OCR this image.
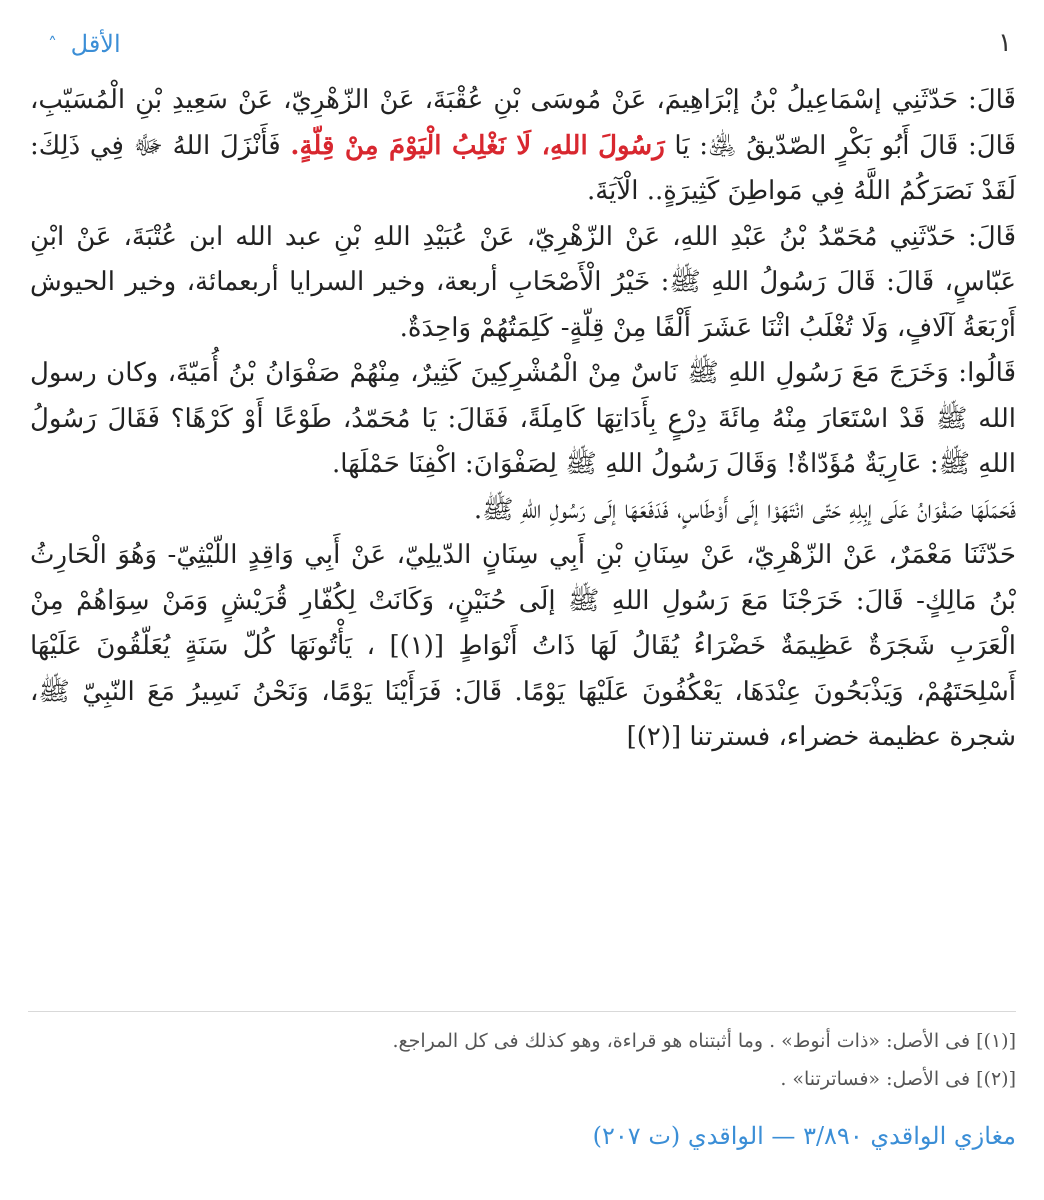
١
الأقل ˄

قَالَ: حَدّثَنِي إسْمَاعِيلُ بْنُ إبْرَاهِيمَ، عَنْ مُوسَى بْنِ عُقْبَةَ، عَنْ الزّهْرِيّ، عَنْ سَعِيدِ بْنِ الْمُسَيّبِ، قَالَ: قَالَ أَبُو بَكْرٍ الصّدّيقُ ﵁: يَا رَسُولَ اللهِ، لَا نَغْلِبُ الْيَوْمَ مِنْ قِلّةٍ. فَأَنْزَلَ اللهُ ﷻ فِي ذَلِكَ: لَقَدْ نَصَرَكُمُ اللَّهُ فِي مَواطِنَ كَثِيرَةٍ.. الْآيَةَ.

قَالَ: حَدّثَنِي مُحَمّدُ بْنُ عَبْدِ اللهِ، عَنْ الزّهْرِيّ، عَنْ عُبَيْدِ اللهِ بْنِ عبد الله ابن عُتْبَةَ، عَنْ ابْنِ عَبّاسٍ، قَالَ: قَالَ رَسُولُ اللهِ ﷺ: خَيْرُ الْأَصْحَابِ أربعة، وخير السرايا أربعمائة، وخير الحيوش أَرْبَعَةُ آلَافٍ، وَلَا تُغْلَبُ اثْنَا عَشَرَ أَلْفًا مِنْ قِلّةٍ- كَلِمَتُهُمْ وَاحِدَةٌ.

قَالُوا: وَخَرَجَ مَعَ رَسُولِ اللهِ ﷺ نَاسٌ مِنْ الْمُشْرِكِينَ كَثِيرٌ، مِنْهُمْ صَفْوَانُ بْنُ أُمَيّةَ، وكان رسول الله ﷺ قَدْ اسْتَعَارَ مِنْهُ مِائَةَ دِرْعٍ بِأَدَاتِهَا كَامِلَةً، فَقَالَ: يَا مُحَمّدُ، طَوْعًا أَوْ كَرْهًا؟ فَقَالَ رَسُولُ اللهِ ﷺ: عَارِيَةٌ مُؤَدّاةٌ! وَقَالَ رَسُولُ اللهِ ﷺ لِصَفْوَانَ: اكْفِنَا حَمْلَهَا.

فَحَمَلَهَا صَفْوَانُ عَلَى إبِلِهِ حَتّى انْتَهَوْا إلَى أَوْطَاسٍ، فَدَفَعَهَا إلَى رَسُولِ اللهِ ﷺ.

حَدّثَنَا مَعْمَرٌ، عَنْ الزّهْرِيّ، عَنْ سِنَانِ بْنِ أَبِي سِنَانٍ الدّيلِيّ، عَنْ أَبِي وَاقِدٍ اللّيْثِيّ- وَهُوَ الْحَارِثُ بْنُ مَالِكٍ- قَالَ: خَرَجْنَا مَعَ رَسُولِ اللهِ ﷺ إلَى حُنَيْنٍ، وَكَانَتْ لِكُفّارِ قُرَيْشٍ وَمَنْ سِوَاهُمْ مِنْ الْعَرَبِ شَجَرَةٌ عَظِيمَةٌ خَضْرَاءُ يُقَالُ لَهَا ذَاتُ أَنْوَاطٍ [(١)] ، يَأْتُونَهَا كُلّ سَنَةٍ يُعَلّقُونَ عَلَيْهَا أَسْلِحَتَهُمْ، وَيَذْبَحُونَ عِنْدَهَا، يَعْكُفُونَ عَلَيْهَا يَوْمًا. قَالَ: فَرَأَيْنَا يَوْمًا، وَنَحْنُ نَسِيرُ مَعَ النّبِيّ ﷺ، شجرة عظيمة خضراء، فسترتنا [(٢)]

[(١)] فى الأصل: «ذات أنوط» . وما أثبتناه هو قراءة، وهو كذلك فى كل المراجع.

[(٢)] فى الأصل: «فساترتنا» .

مغازي الواقدي ٣/٨٩٠ — الواقدي (ت ٢٠٧)
